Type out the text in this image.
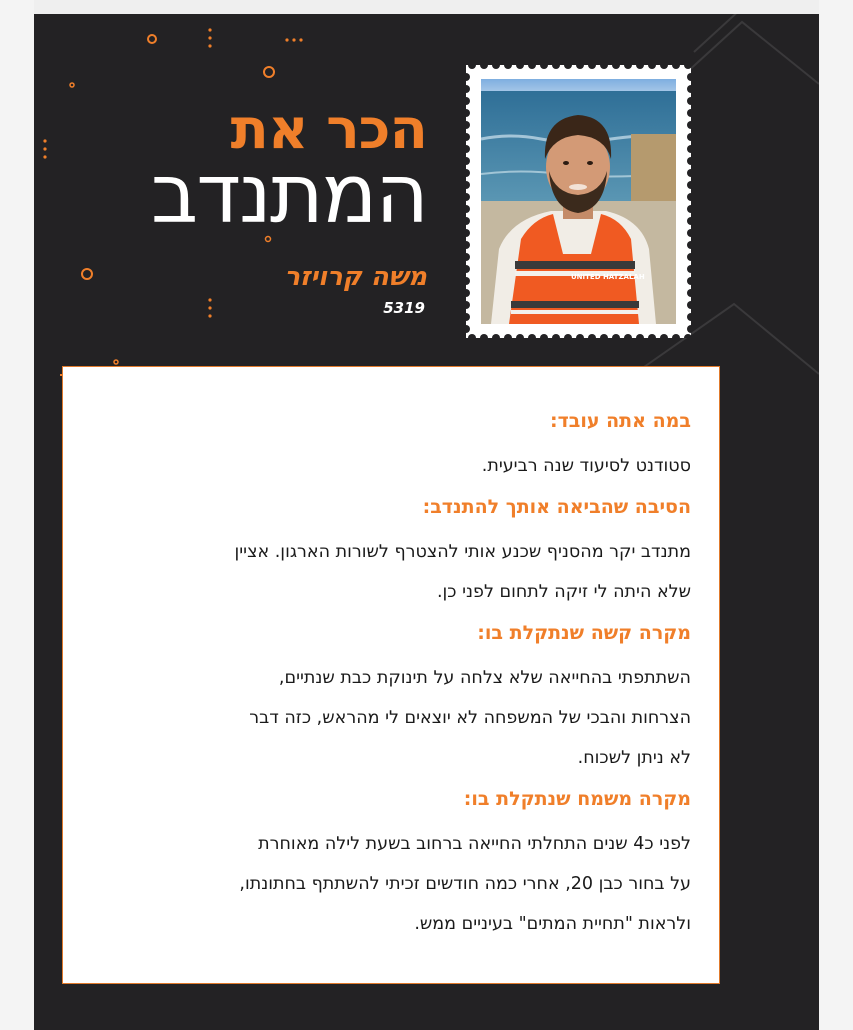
הכר את
המתנדב
משה קרויזר
5319
UNITED HATZALAH
במה אתה עובד:
סטודנט לסיעוד שנה רביעית.
הסיבה שהביאה אותך להתנדב:
מתנדב יקר מהסניף שכנע אותי להצטרף לשורות הארגון. אציין
שלא היתה לי זיקה לתחום לפני כן.
מקרה קשה שנתקלת בו:
השתתפתי בהחייאה שלא צלחה על תינוקת כבת שנתיים,
הצרחות והבכי של המשפחה לא יוצאים לי מהראש, כזה דבר
לא ניתן לשכוח.
מקרה משמח שנתקלת בו:
לפני כ4 שנים התחלתי החייאה ברחוב בשעת לילה מאוחרת
על בחור כבן 20, אחרי כמה חודשים זכיתי להשתתף בחתונתו,
ולראות "תחיית המתים" בעיניים ממש.
